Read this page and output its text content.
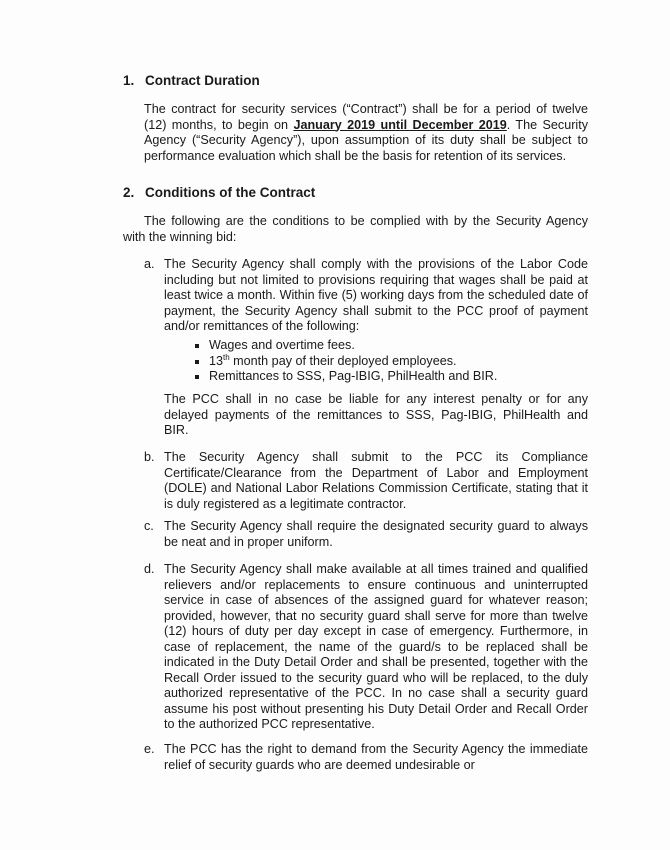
1. Contract Duration
The contract for security services (“Contract”) shall be for a period of twelve (12) months, to begin on January 2019 until December 2019. The Security Agency (“Security Agency”), upon assumption of its duty shall be subject to performance evaluation which shall be the basis for retention of its services.
2. Conditions of the Contract
The following are the conditions to be complied with by the Security Agency with the winning bid:
a. The Security Agency shall comply with the provisions of the Labor Code including but not limited to provisions requiring that wages shall be paid at least twice a month. Within five (5) working days from the scheduled date of payment, the Security Agency shall submit to the PCC proof of payment and/or remittances of the following:
Wages and overtime fees.
13th month pay of their deployed employees.
Remittances to SSS, Pag-IBIG, PhilHealth and BIR.
The PCC shall in no case be liable for any interest penalty or for any delayed payments of the remittances to SSS, Pag-IBIG, PhilHealth and BIR.
b. The Security Agency shall submit to the PCC its Compliance Certificate/Clearance from the Department of Labor and Employment (DOLE) and National Labor Relations Commission Certificate, stating that it is duly registered as a legitimate contractor.
c. The Security Agency shall require the designated security guard to always be neat and in proper uniform.
d. The Security Agency shall make available at all times trained and qualified relievers and/or replacements to ensure continuous and uninterrupted service in case of absences of the assigned guard for whatever reason; provided, however, that no security guard shall serve for more than twelve (12) hours of duty per day except in case of emergency. Furthermore, in case of replacement, the name of the guard/s to be replaced shall be indicated in the Duty Detail Order and shall be presented, together with the Recall Order issued to the security guard who will be replaced, to the duly authorized representative of the PCC. In no case shall a security guard assume his post without presenting his Duty Detail Order and Recall Order to the authorized PCC representative.
e. The PCC has the right to demand from the Security Agency the immediate relief of security guards who are deemed undesirable or
